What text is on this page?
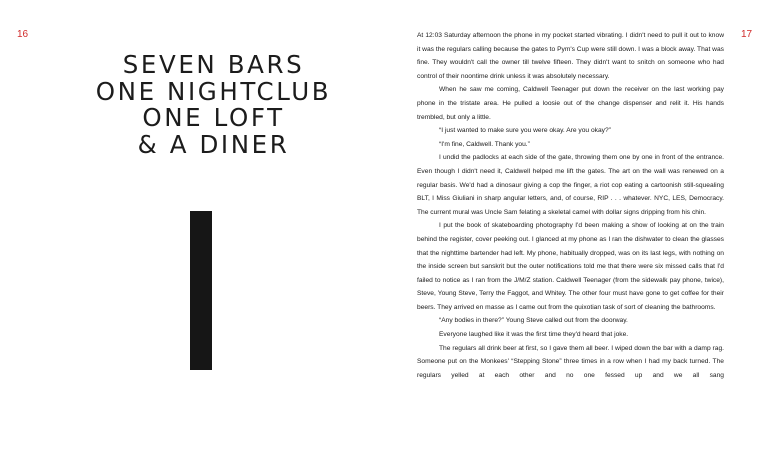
16	17
SEVEN BARS
ONE NIGHTCLUB
ONE LOFT
& A DINER

At 12:03 Saturday afternoon the phone in my pocket started vibrating. I didn't need to pull it out to know it was the regulars calling because the gates to Pym's Cup were still down. I was a block away. That was fine. They wouldn't call the owner till twelve fifteen. They didn't want to snitch on someone who had control of their noontime drink unless it was absolutely necessary.

When he saw me coming, Caldwell Teenager put down the receiver on the last working pay phone in the tristate area. He pulled a loosie out of the change dispenser and relit it. His hands trembled, but only a little.

“I just wanted to make sure you were okay. Are you okay?”

“I'm fine, Caldwell. Thank you.”

I undid the padlocks at each side of the gate, throwing them one by one in front of the entrance. Even though I didn't need it, Caldwell helped me lift the gates. The art on the wall was renewed on a regular basis. We'd had a dinosaur giving a cop the finger, a riot cop eating a cartoonish still-squealing BLT, I Miss Giuliani in sharp angular letters, and, of course, RIP . . . whatever. NYC, LES, Democracy. The current mural was Uncle Sam felating a skeletal camel with dollar signs dripping from his chin.

I put the book of skateboarding photography I'd been making a show of looking at on the train behind the register, cover peeking out. I glanced at my phone as I ran the dishwater to clean the glasses that the nighttime bartender had left. My phone, habitually dropped, was on its last legs, with nothing on the inside screen but sanskrit but the outer notifications told me that there were six missed calls that I'd failed to notice as I ran from the J/M/Z station. Caldwell Teenager (from the sidewalk pay phone, twice), Steve, Young Steve, Terry the Faggot, and Whitey. The other four must have gone to get coffee for their beers. They arrived en masse as I came out from the quixotian task of sort of cleaning the bathrooms.

“Any bodies in there?” Young Steve called out from the doorway.

Everyone laughed like it was the first time they'd heard that joke.

The regulars all drink beer at first, so I gave them all beer. I wiped down the bar with a damp rag. Someone put on the Monkees' “Stepping Stone” three times in a row when I had my back turned. The regulars yelled at each other and no one fessed up and we all sang
